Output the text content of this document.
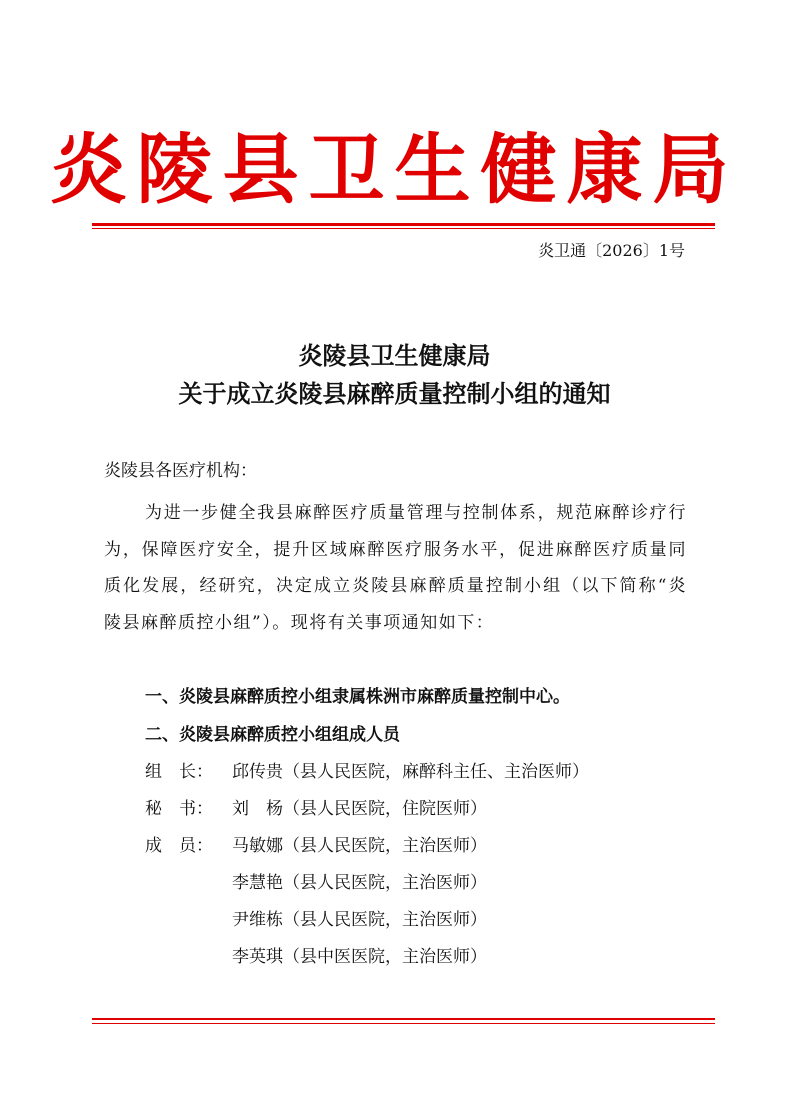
炎陵县卫生健康局
炎卫通〔2026〕1号
炎陵县卫生健康局
关于成立炎陵县麻醉质量控制小组的通知
炎陵县各医疗机构：
为进一步健全我县麻醉医疗质量管理与控制体系，规范麻醉诊疗行为，保障医疗安全，提升区域麻醉医疗服务水平，促进麻醉医疗质量同质化发展，经研究，决定成立炎陵县麻醉质量控制小组（以下简称“炎陵县麻醉质控小组”）。现将有关事项通知如下：
一、炎陵县麻醉质控小组隶属株洲市麻醉质量控制中心。
二、炎陵县麻醉质控小组组成人员
组　长： 邱传贵（县人民医院，麻醉科主任、主治医师）
秘　书： 刘　杨（县人民医院，住院医师）
成　员： 马敏娜（县人民医院，主治医师）
李慧艳（县人民医院，主治医师）
尹维栋（县人民医院，主治医师）
李英琪（县中医医院，主治医师）
